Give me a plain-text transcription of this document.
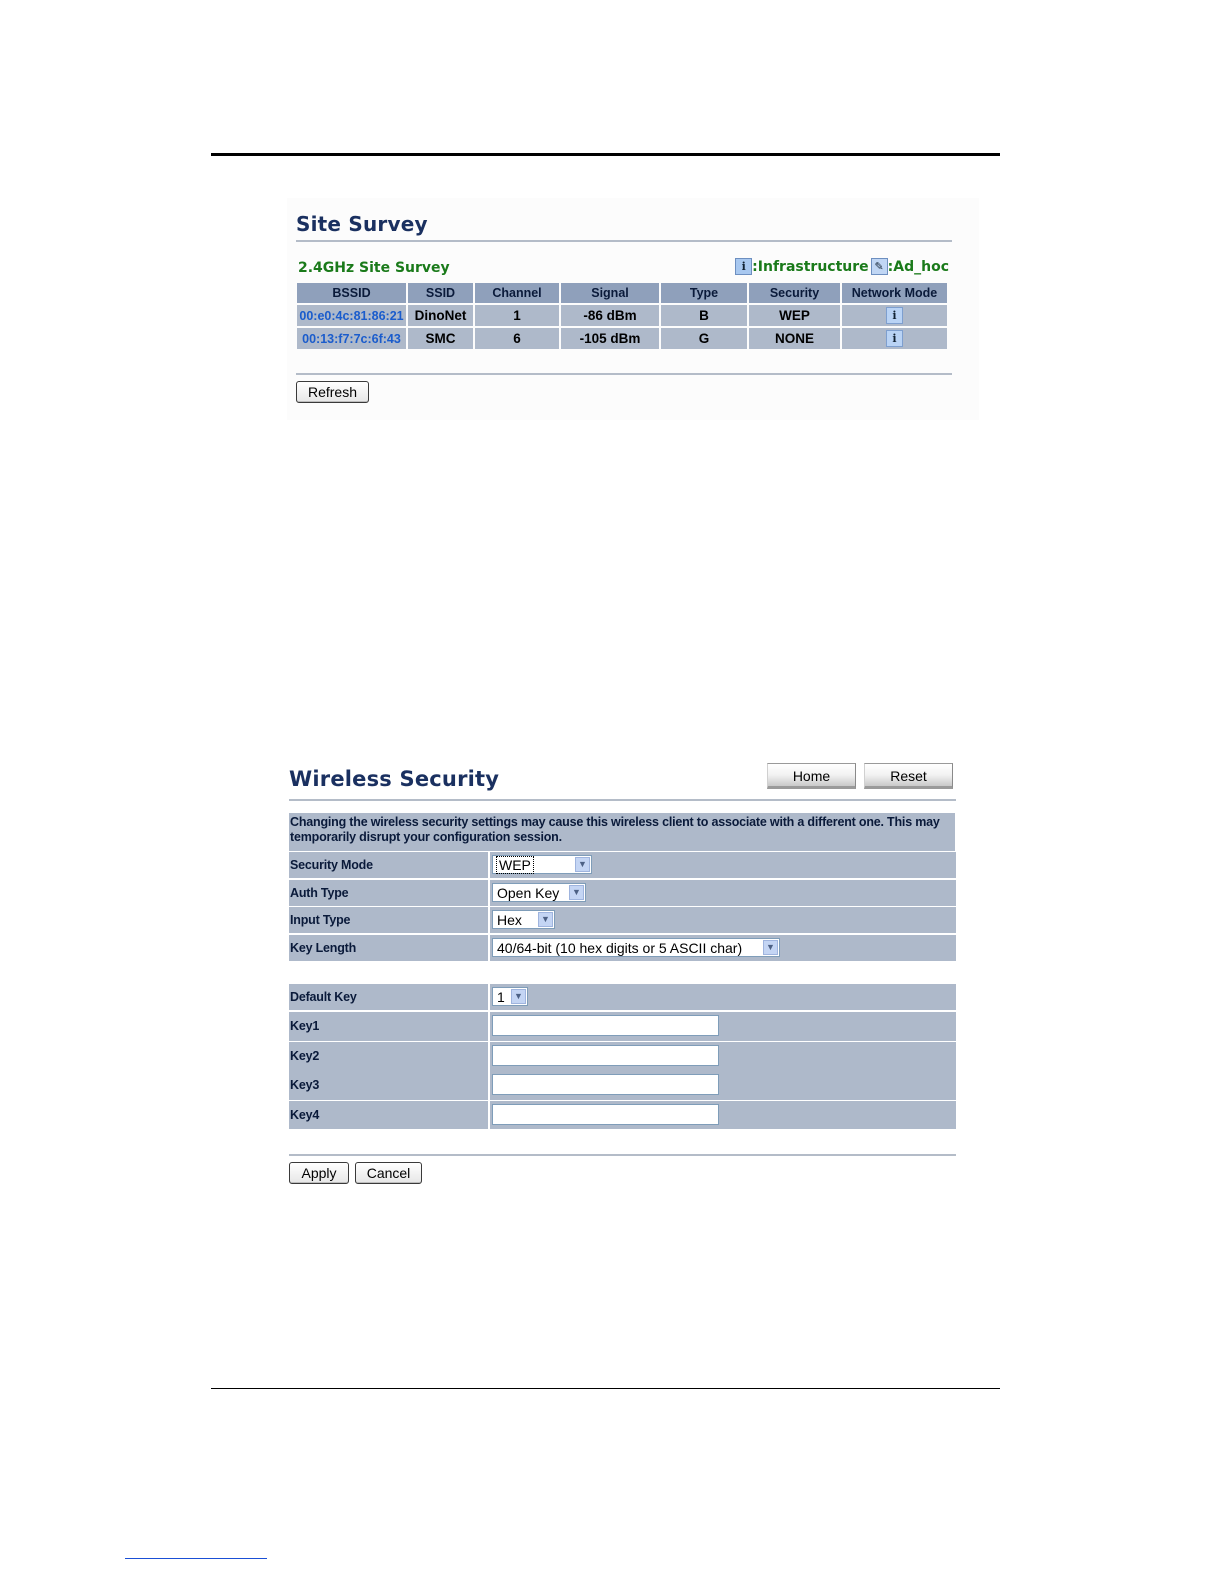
Site Survey
2.4GHz Site Survey	i :Infrastructure ✎ :Ad_hoc
BSSID	SSID	Channel	Signal	Type	Security	Network Mode
00:e0:4c:81:86:21	DinoNet	1	-86 dBm	B	WEP	i
00:13:f7:7c:6f:43	SMC	6	-105 dBm	G	NONE	i
Refresh
Wireless Security	Home	Reset
Changing the wireless security settings may cause this wireless client to associate with a different one. This may temporarily disrupt your configuration session.
Security Mode	WEP	▼
Auth Type	Open Key	▼
Input Type	Hex	▼
Key Length	40/64-bit (10 hex digits or 5 ASCII char)	▼
Default Key	1	▼
Key1
Key2
Key3
Key4
Apply	Cancel
